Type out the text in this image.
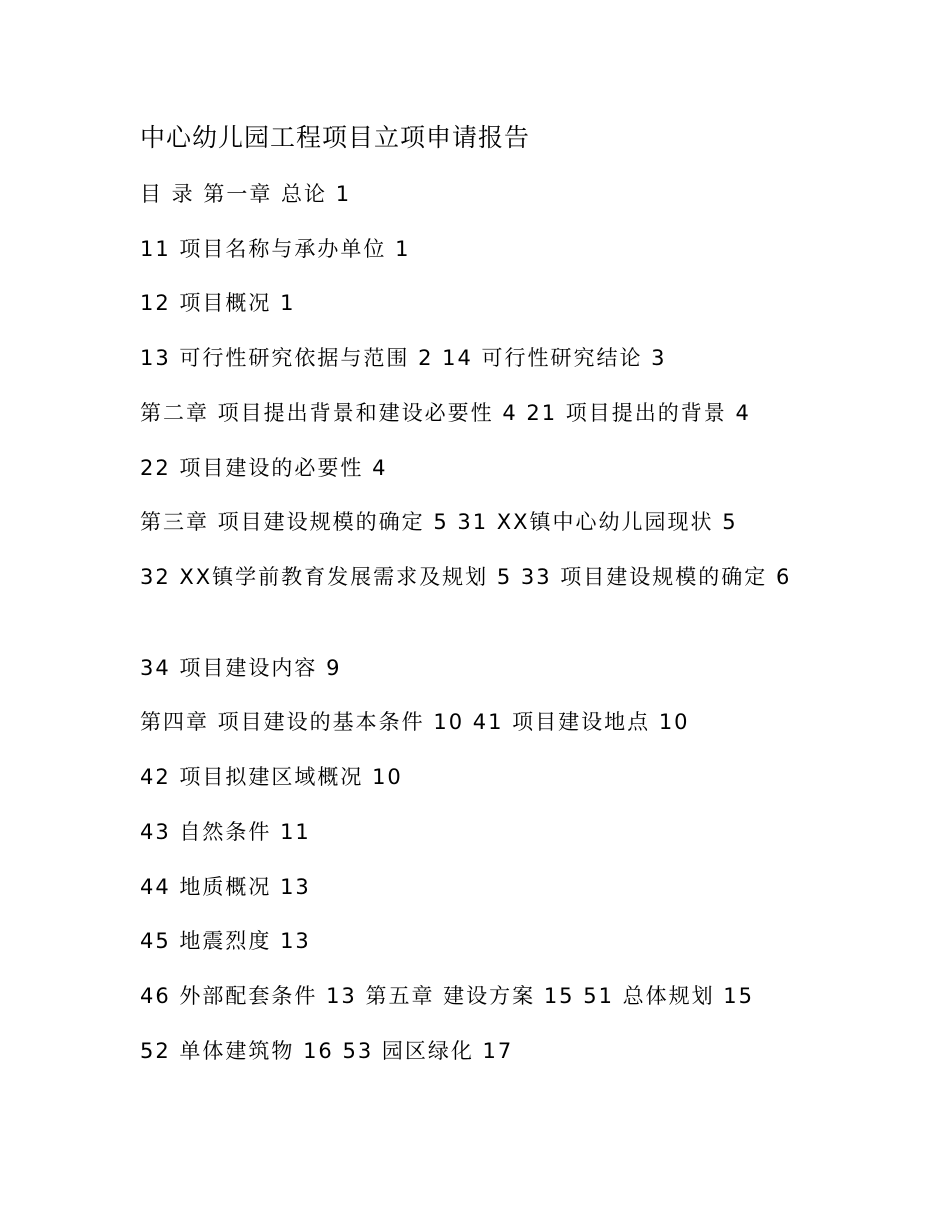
中心幼儿园工程项目立项申请报告
目 录 第一章 总论 1
11 项目名称与承办单位 1
12 项目概况 1
13 可行性研究依据与范围 2 14 可行性研究结论 3
第二章 项目提出背景和建设必要性 4 21 项目提出的背景 4
22 项目建设的必要性 4
第三章 项目建设规模的确定 5 31 XX镇中心幼儿园现状 5
32 XX镇学前教育发展需求及规划 5 33 项目建设规模的确定 6
34 项目建设内容 9
第四章 项目建设的基本条件 10 41 项目建设地点 10
42 项目拟建区域概况 10
43 自然条件 11
44 地质概况 13
45 地震烈度 13
46 外部配套条件 13 第五章 建设方案 15 51 总体规划 15
52 单体建筑物 16 53 园区绿化 17
